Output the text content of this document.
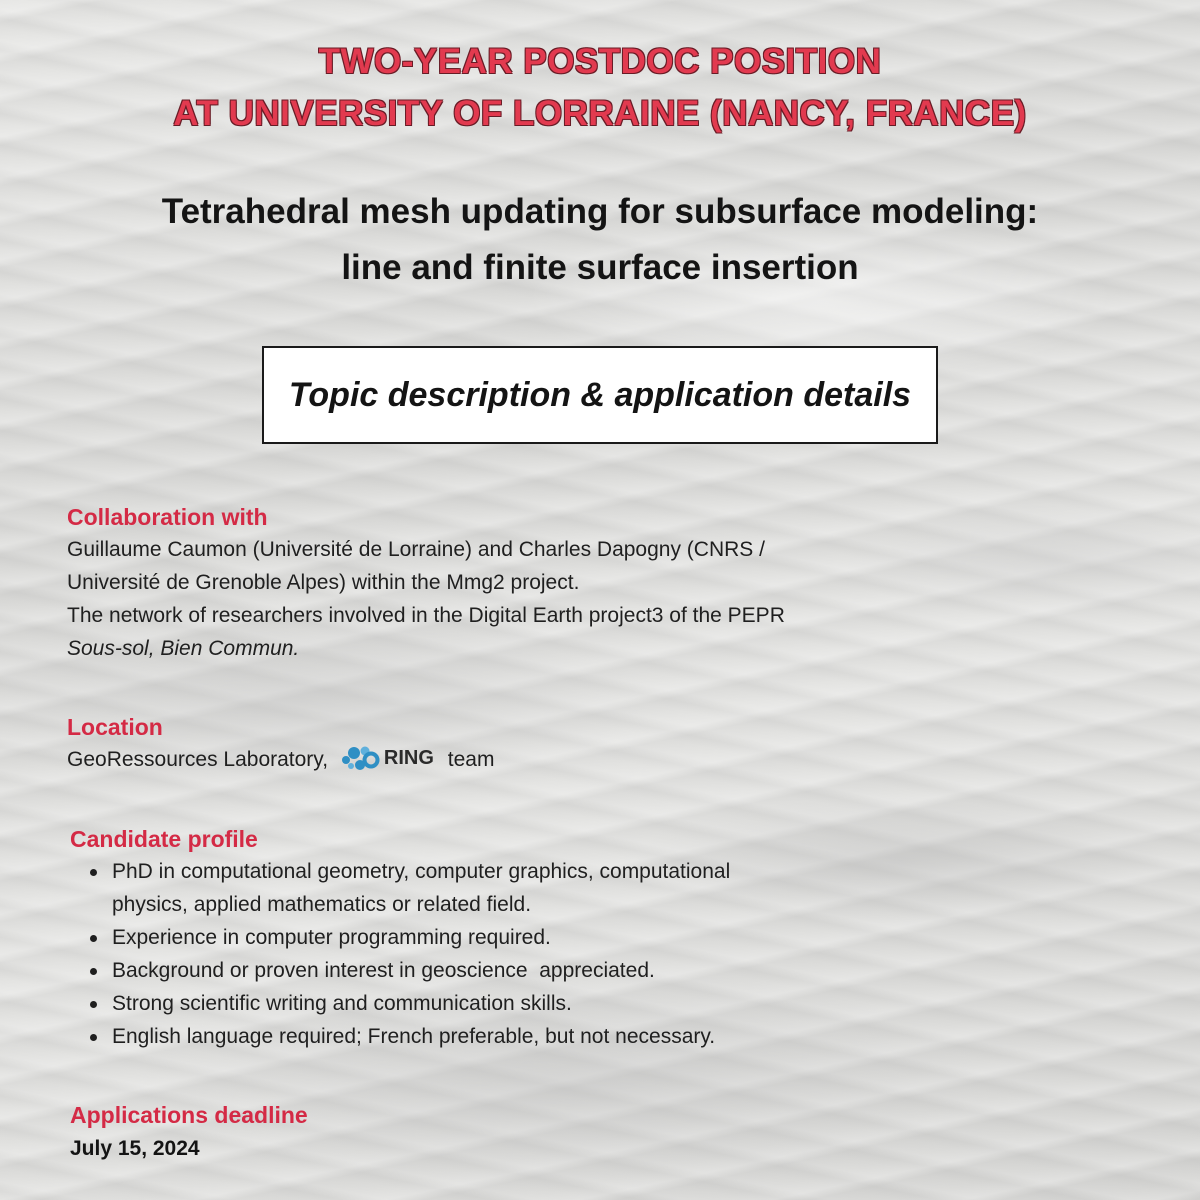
TWO-YEAR POSTDOC POSITION
AT UNIVERSITY OF LORRAINE (NANCY, FRANCE)
Tetrahedral mesh updating for subsurface modeling:
line and finite surface insertion
Topic description & application details
Collaboration with
Guillaume Caumon (Université de Lorraine) and Charles Dapogny (CNRS /
Université de Grenoble Alpes) within the Mmg2 project.
The network of researchers involved in the Digital Earth project3 of the PEPR
Sous-sol, Bien Commun.
Location
GeoRessources Laboratory,	RING team
Candidate profile
PhD in computational geometry, computer graphics, computational
physics, applied mathematics or related field.
Experience in computer programming required.
Background or proven interest in geoscience  appreciated.
Strong scientific writing and communication skills.
English language required; French preferable, but not necessary.
Applications deadline
July 15, 2024
